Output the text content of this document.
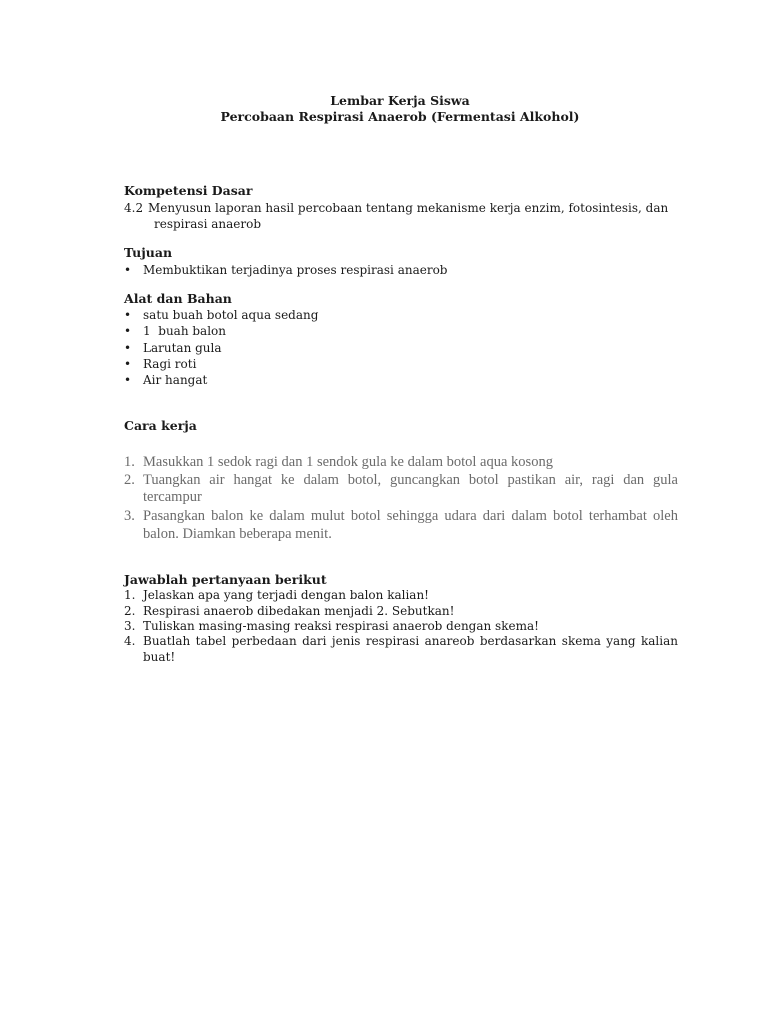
Lembar Kerja Siswa
Percobaan Respirasi Anaerob (Fermentasi Alkohol)
Kompetensi Dasar
4.2 Menyusun laporan hasil percobaan tentang mekanisme kerja enzim, fotosintesis, dan
respirasi anaerob
Tujuan
• Membuktikan terjadinya proses respirasi anaerob
Alat dan Bahan
• satu buah botol aqua sedang
• 1  buah balon
• Larutan gula
• Ragi roti
• Air hangat
Cara kerja
1. Masukkan 1 sedok ragi dan 1 sendok gula ke dalam botol aqua kosong
2. Tuangkan air hangat ke dalam botol, guncangkan botol pastikan air, ragi dan gula
tercampur
3. Pasangkan balon ke dalam mulut botol sehingga udara dari dalam botol terhambat oleh
balon. Diamkan beberapa menit.
Jawablah pertanyaan berikut
1. Jelaskan apa yang terjadi dengan balon kalian!
2. Respirasi anaerob dibedakan menjadi 2. Sebutkan!
3. Tuliskan masing-masing reaksi respirasi anaerob dengan skema!
4. Buatlah tabel perbedaan dari jenis respirasi anareob berdasarkan skema yang kalian
buat!
